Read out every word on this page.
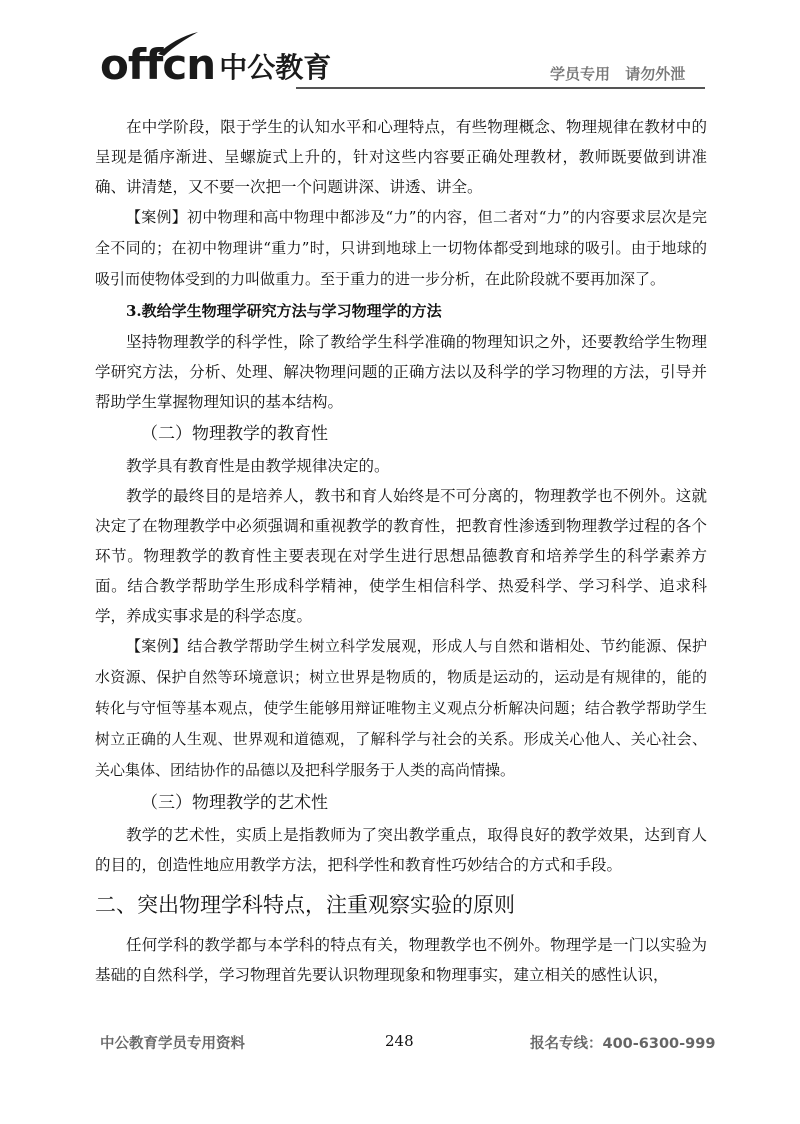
offcn 中公教育	学员专用 请勿外泄

在中学阶段，限于学生的认知水平和心理特点，有些物理概念、物理规律在教材中的呈现是循序渐进、呈螺旋式上升的，针对这些内容要正确处理教材，教师既要做到讲准确、讲清楚，又不要一次把一个问题讲深、讲透、讲全。

【案例】初中物理和高中物理中都涉及“力”的内容，但二者对“力”的内容要求层次是完全不同的；在初中物理讲“重力”时，只讲到地球上一切物体都受到地球的吸引。由于地球的吸引而使物体受到的力叫做重力。至于重力的进一步分析，在此阶段就不要再加深了。

3.教给学生物理学研究方法与学习物理学的方法

坚持物理教学的科学性，除了教给学生科学准确的物理知识之外，还要教给学生物理学研究方法，分析、处理、解决物理问题的正确方法以及科学的学习物理的方法，引导并帮助学生掌握物理知识的基本结构。

（二）物理教学的教育性

教学具有教育性是由教学规律决定的。

教学的最终目的是培养人，教书和育人始终是不可分离的，物理教学也不例外。这就决定了在物理教学中必须强调和重视教学的教育性，把教育性渗透到物理教学过程的各个环节。物理教学的教育性主要表现在对学生进行思想品德教育和培养学生的科学素养方面。结合教学帮助学生形成科学精神，使学生相信科学、热爱科学、学习科学、追求科学，养成实事求是的科学态度。

【案例】结合教学帮助学生树立科学发展观，形成人与自然和谐相处、节约能源、保护水资源、保护自然等环境意识；树立世界是物质的，物质是运动的，运动是有规律的，能的转化与守恒等基本观点，使学生能够用辩证唯物主义观点分析解决问题；结合教学帮助学生树立正确的人生观、世界观和道德观，了解科学与社会的关系。形成关心他人、关心社会、关心集体、团结协作的品德以及把科学服务于人类的高尚情操。

（三）物理教学的艺术性

教学的艺术性，实质上是指教师为了突出教学重点，取得良好的教学效果，达到育人的目的，创造性地应用教学方法，把科学性和教育性巧妙结合的方式和手段。

二、突出物理学科特点，注重观察实验的原则

任何学科的教学都与本学科的特点有关，物理教学也不例外。物理学是一门以实验为基础的自然科学，学习物理首先要认识物理现象和物理事实，建立相关的感性认识，

中公教育学员专用资料	248	报名专线：400-6300-999
